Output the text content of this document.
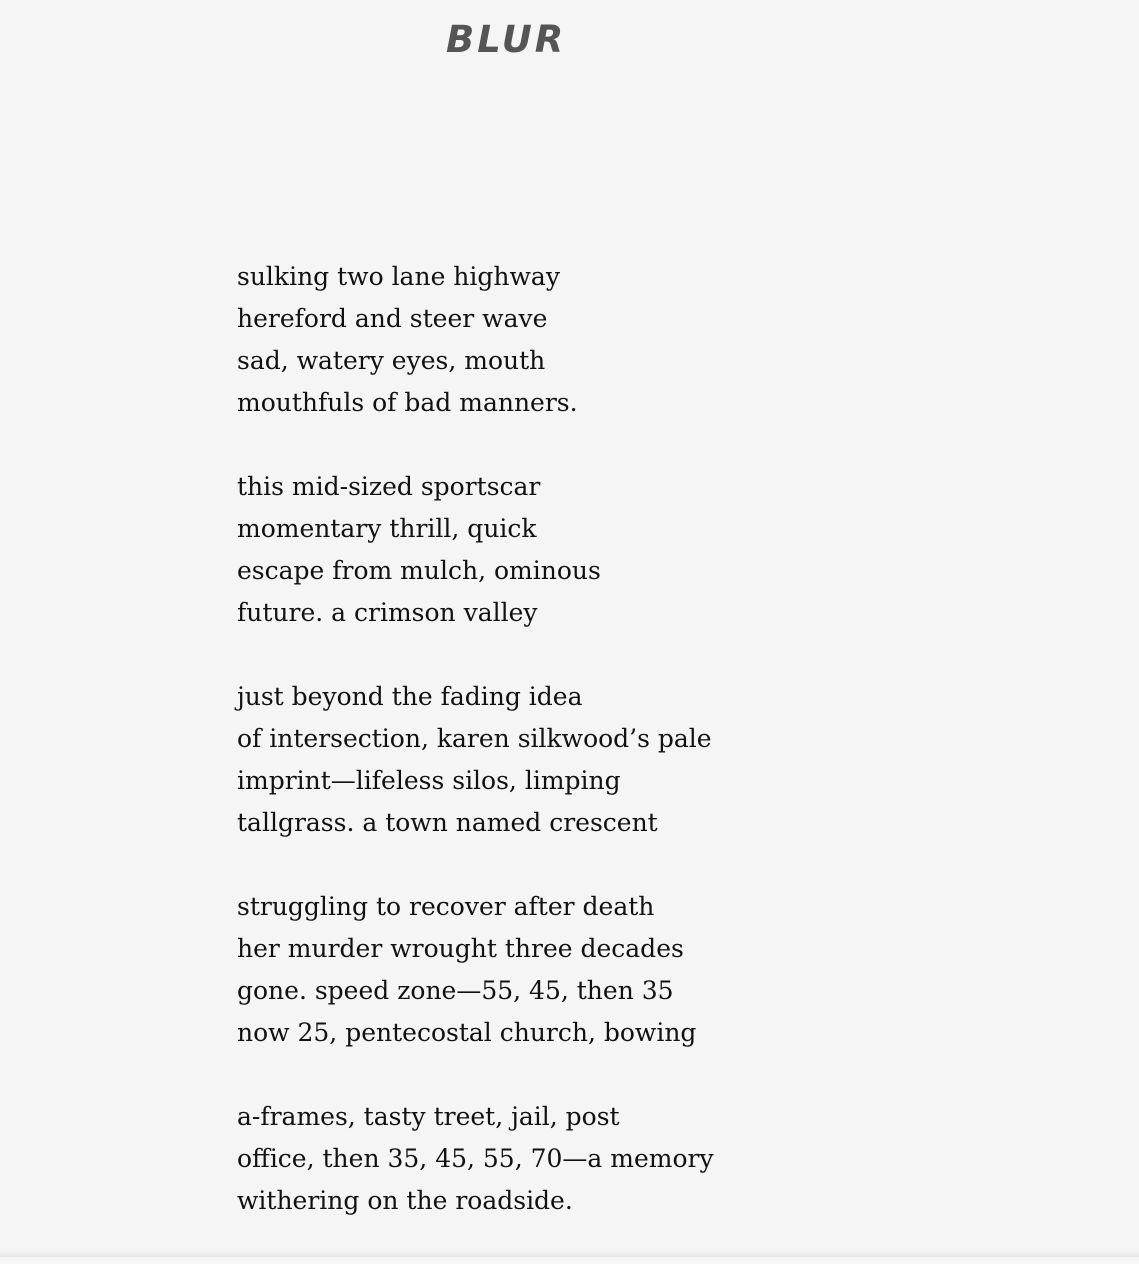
BLUR
sulking two lane highway
hereford and steer wave
sad, watery eyes, mouth
mouthfuls of bad manners.
this mid-sized sportscar
momentary thrill, quick
escape from mulch, ominous
future. a crimson valley
just beyond the fading idea
of intersection, karen silkwood’s pale
imprint—lifeless silos, limping
tallgrass. a town named crescent
struggling to recover after death
her murder wrought three decades
gone. speed zone—55, 45, then 35
now 25, pentecostal church, bowing
a-frames, tasty treet, jail, post
office, then 35, 45, 55, 70—a memory
withering on the roadside.
